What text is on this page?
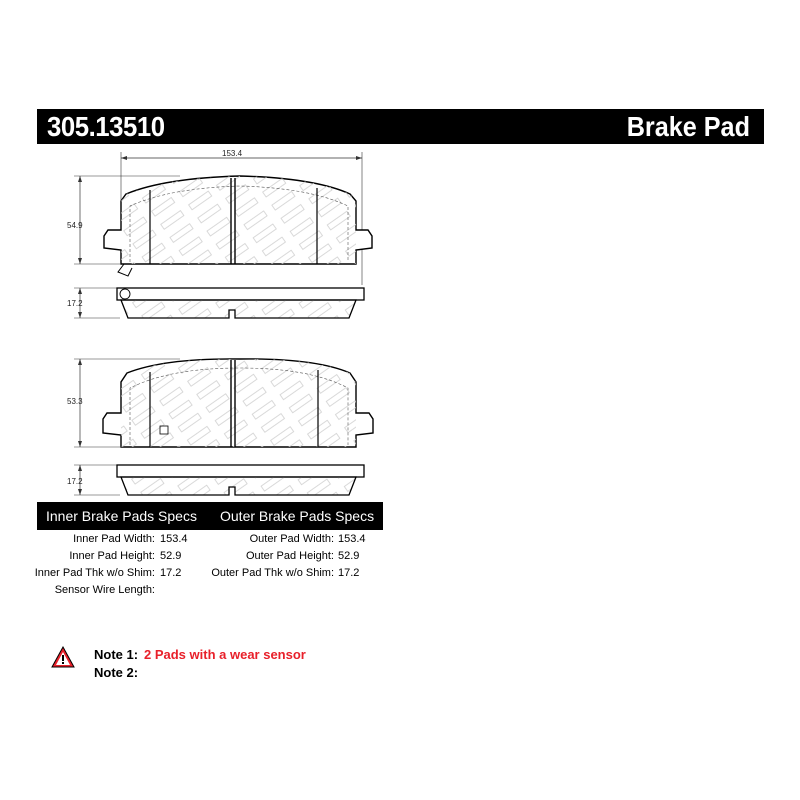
305.13510	Brake Pad
153.4
54.9
17.2
53.3
17.2
Inner Brake Pads Specs Outer Brake Pads Specs
Inner Pad Width: 153.4
Inner Pad Height: 52.9
Inner Pad Thk w/o Shim: 17.2
Sensor Wire Length:
Outer Pad Width: 153.4
Outer Pad Height: 52.9
Outer Pad Thk w/o Shim: 17.2
Note 1: 2 Pads with a wear sensor
Note 2:
